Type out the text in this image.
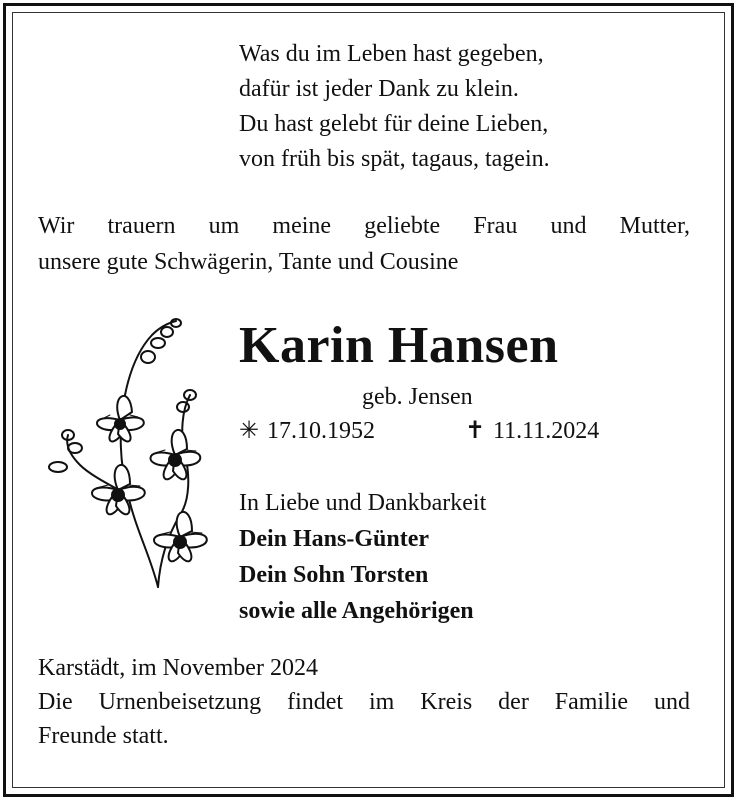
Was du im Leben hast gegeben,
dafür ist jeder Dank zu klein.
Du hast gelebt für deine Lieben,
von früh bis spät, tagaus, tagein.
Wir trauern um meine geliebte Frau und Mutter,
unsere gute Schwägerin, Tante und Cousine
Karin Hansen
geb. Jensen
✳ 17.10.1952	✝ 11.11.2024
In Liebe und Dankbarkeit
Dein Hans-Günter
Dein Sohn Torsten
sowie alle Angehörigen
Karstädt, im November 2024
Die Urnenbeisetzung findet im Kreis der Familie und
Freunde statt.
